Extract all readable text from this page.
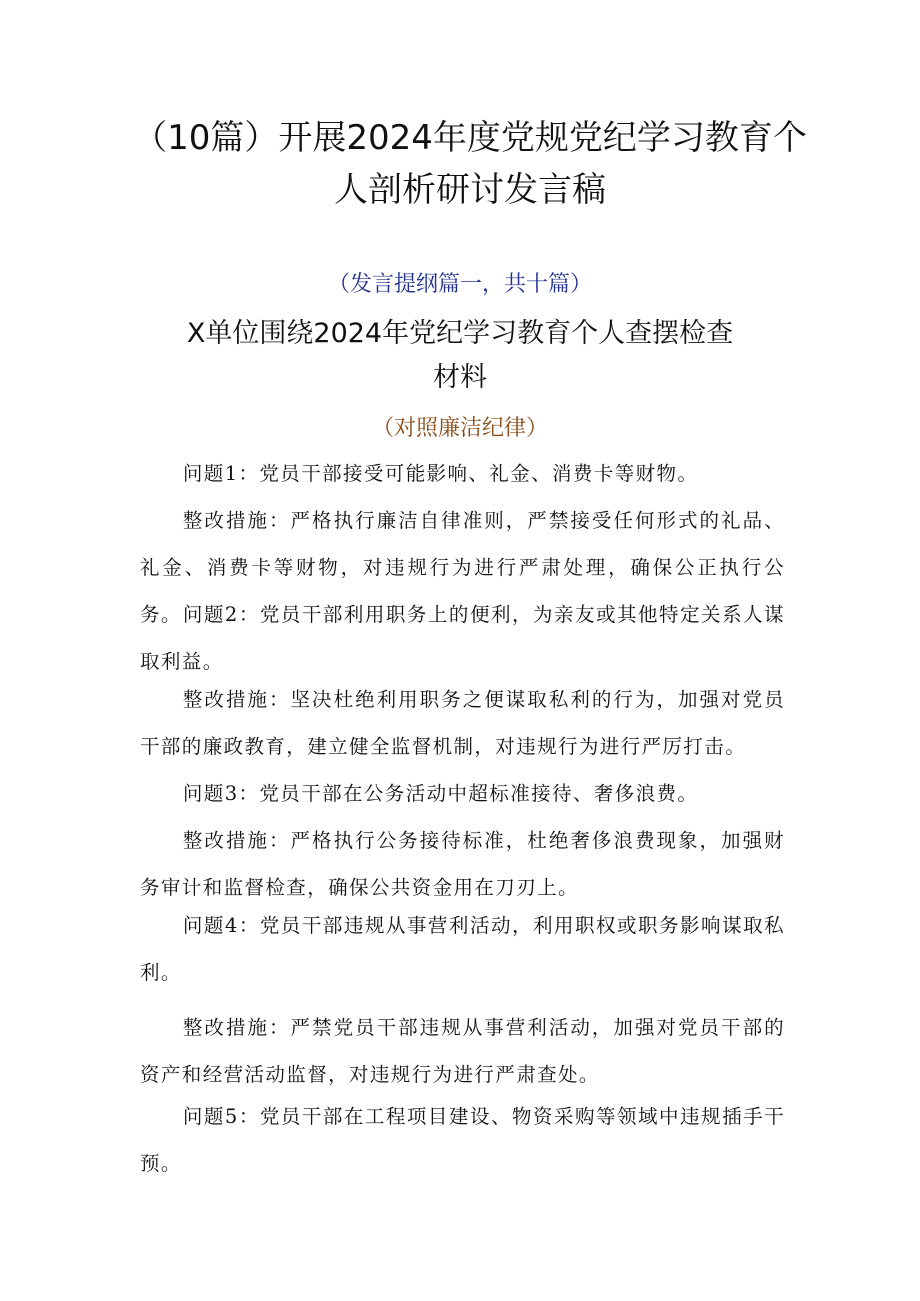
（10篇）开展2024年度党规党纪学习教育个人剖析研讨发言稿
（发言提纲篇一，共十篇）
X单位围绕2024年党纪学习教育个人查摆检查
材料
（对照廉洁纪律）

问题1：党员干部接受可能影响、礼金、消费卡等财物。

整改措施：严格执行廉洁自律准则，严禁接受任何形式的礼品、礼金、消费卡等财物，对违规行为进行严肃处理，确保公正执行公务。 问题2：党员干部利用职务上的便利，为亲友或其他特定关系人谋取利益。

整改措施：坚决杜绝利用职务之便谋取私利的行为，加强对党员干部的廉政教育，建立健全监督机制，对违规行为进行严厉打击。

问题3：党员干部在公务活动中超标准接待、奢侈浪费。

整改措施：严格执行公务接待标准，杜绝奢侈浪费现象，加强财务审计和监督检查，确保公共资金用在刀刃上。

问题4：党员干部违规从事营利活动，利用职权或职务影响谋取私利。

整改措施：严禁党员干部违规从事营利活动，加强对党员干部的资产和经营活动监督，对违规行为进行严肃查处。

问题5：党员干部在工程项目建设、物资采购等领域中违规插手干预。
